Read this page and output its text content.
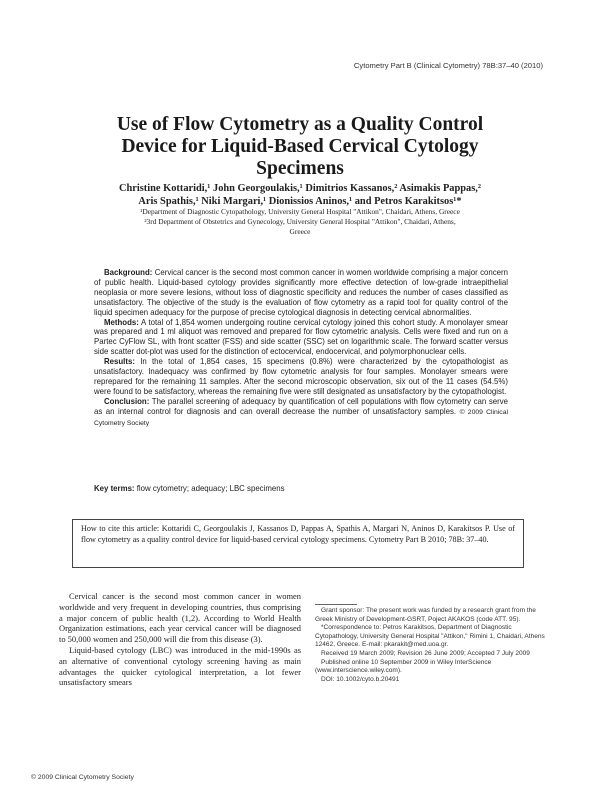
Cytometry Part B (Clinical Cytometry) 78B:37–40 (2010)
Use of Flow Cytometry as a Quality Control
Device for Liquid-Based Cervical Cytology
Specimens
Christine Kottaridi,¹ John Georgoulakis,¹ Dimitrios Kassanos,² Asimakis Pappas,²
Aris Spathis,¹ Niki Margari,¹ Dionissios Aninos,¹ and Petros Karakitsos¹*
¹Department of Diagnostic Cytopathology, University General Hospital "Attikon", Chaidari, Athens, Greece
²3rd Department of Obstetrics and Gynecology, University General Hospital "Attikon", Chaidari, Athens,
Greece

Background: Cervical cancer is the second most common cancer in women worldwide comprising a major concern of public health. Liquid-based cytology provides significantly more effective detection of low-grade intraepithelial neoplasia or more severe lesions, without loss of diagnostic specificity and reduces the number of cases classified as unsatisfactory. The objective of the study is the evaluation of flow cytometry as a rapid tool for quality control of the liquid specimen adequacy for the purpose of precise cytological diagnosis in detecting cervical abnormalities.

Methods: A total of 1,854 women undergoing routine cervical cytology joined this cohort study. A monolayer smear was prepared and 1 ml aliquot was removed and prepared for flow cytometric analysis. Cells were fixed and run on a Partec CyFlow SL, with front scatter (FSS) and side scatter (SSC) set on logarithmic scale. The forward scatter versus side scatter dot-plot was used for the distinction of ectocervical, endocervical, and polymorphonuclear cells.

Results: In the total of 1,854 cases, 15 specimens (0.8%) were characterized by the cytopathologist as unsatisfactory. Inadequacy was confirmed by flow cytometric analysis for four samples. Monolayer smears were reprepared for the remaining 11 samples. After the second microscopic observation, six out of the 11 cases (54.5%) were found to be satisfactory, whereas the remaining five were still designated as unsatisfactory by the cytopathologist.

Conclusion: The parallel screening of adequacy by quantification of cell populations with flow cytometry can serve as an internal control for diagnosis and can overall decrease the number of unsatisfactory samples. © 2009 Clinical Cytometry Society

Key terms: flow cytometry; adequacy; LBC specimens
How to cite this article: Kottaridi C, Georgoulakis J, Kassanos D, Pappas A, Spathis A, Margari N, Aninos D, Karakitsos P. Use of flow cytometry as a quality control device for liquid-based cervical cytology specimens. Cytometry Part B 2010; 78B: 37–40.

Cervical cancer is the second most common cancer in women worldwide and very frequent in developing countries, thus comprising a major concern of public health (1,2). According to World Health Organization estimations, each year cervical cancer will be diagnosed to 50,000 women and 250,000 will die from this disease (3).

Liquid-based cytology (LBC) was introduced in the mid-1990s as an alternative of conventional cytology screening having as main advantages the quicker cytological interpretation, a lot fewer unsatisfactory smears

Grant sponsor: The present work was funded by a research grant from the Greek Ministry of Development-GSRT, Poject AKAKOS (code ATT. 95).

*Correspondence to: Petros Karakitsos, Department of Diagnostic Cytopathology, University General Hospital "Attikon," Rimini 1, Chaidari, Athens 12462, Greece. E-mail: pkarakit@med.uoa.gr.

Received 19 March 2009; Revision 26 June 2009; Accepted 7 July 2009

Published online 10 September 2009 in Wiley InterScience (www.interscience.wiley.com).

DOI: 10.1002/cyto.b.20491

© 2009 Clinical Cytometry Society
